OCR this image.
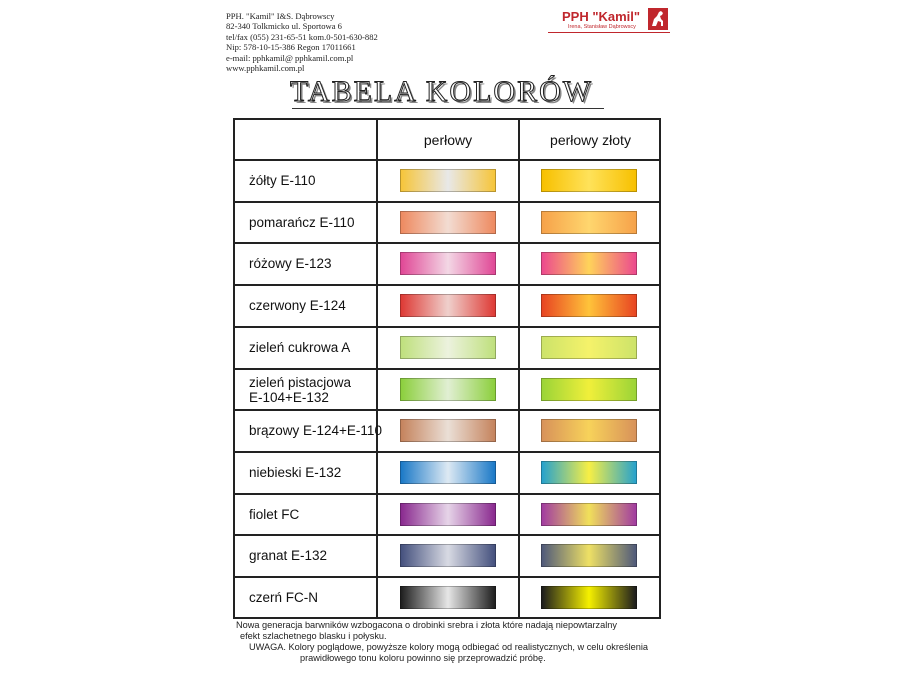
PPH. "Kamil" I&S. Dąbrowscy
82-340 Tolkmicko ul. Sportowa 6
tel/fax (055) 231-65-51 kom.0-501-630-882
Nip: 578-10-15-386 Regon 17011661
e-mail: pphkamil@ pphkamil.com.pl
www.pphkamil.com.pl
PPH "Kamil"
Irena, Stanisław Dąbrowscy
TABELA KOLORÓW
perłowy	perłowy złoty
żółty E-110
pomarańcz E-110
różowy E-123
czerwony E-124
zieleń cukrowa A
zieleń pistacjowa
E-104+E-132
brązowy E-124+E-110
niebieski E-132
fiolet FC
granat E-132
czerń FC-N
Nowa generacja barwników wzbogacona o drobinki srebra i złota które nadają niepowtarzalny
efekt szlachetnego blasku i połysku.
UWAGA. Kolory poglądowe, powyższe kolory mogą odbiegać od realistycznych, w celu określenia
prawidłowego tonu koloru powinno się przeprowadzić próbę.
